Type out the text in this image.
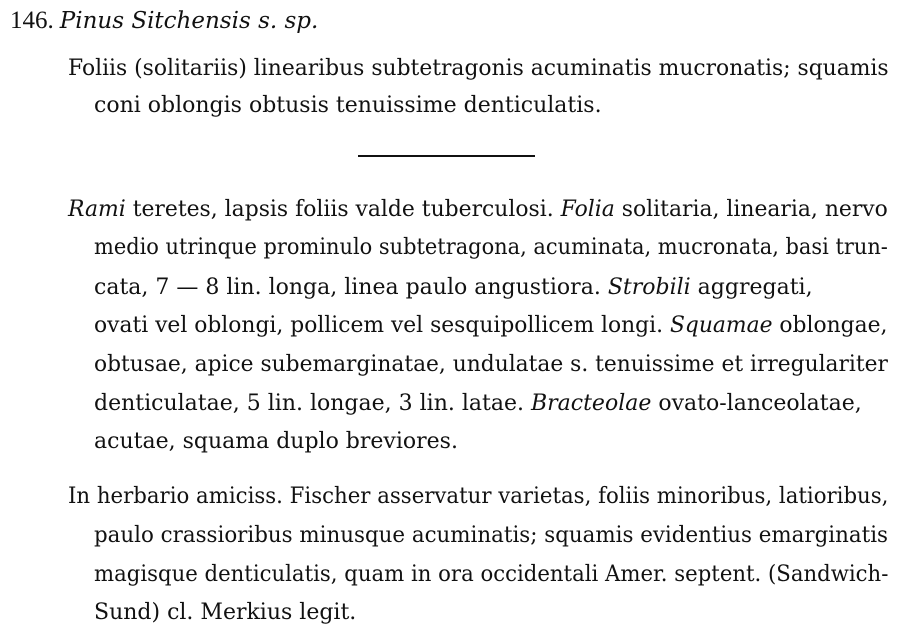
146. Pinus Sitchensis s. sp.
Foliis (solitariis) linearibus subtetragonis acuminatis mucronatis; squamis
coni oblongis obtusis tenuissime denticulatis.
Rami teretes, lapsis foliis valde tuberculosi. Folia solitaria, linearia, nervo
medio utrinque prominulo subtetragona, acuminata, mucronata, basi trun-
cata, 7 — 8 lin. longa, linea paulo angustiora. Strobili aggregati,
ovati vel oblongi, pollicem vel sesquipollicem longi. Squamae oblongae,
obtusae, apice subemarginatae, undulatae s. tenuissime et irregulariter
denticulatae, 5 lin. longae, 3 lin. latae. Bracteolae ovato-lanceolatae,
acutae, squama duplo breviores.
In herbario amiciss. Fischer asservatur varietas, foliis minoribus, latioribus,
paulo crassioribus minusque acuminatis; squamis evidentius emarginatis
magisque denticulatis, quam in ora occidentali Amer. septent. (Sandwich-
Sund) cl. Merkius legit.
